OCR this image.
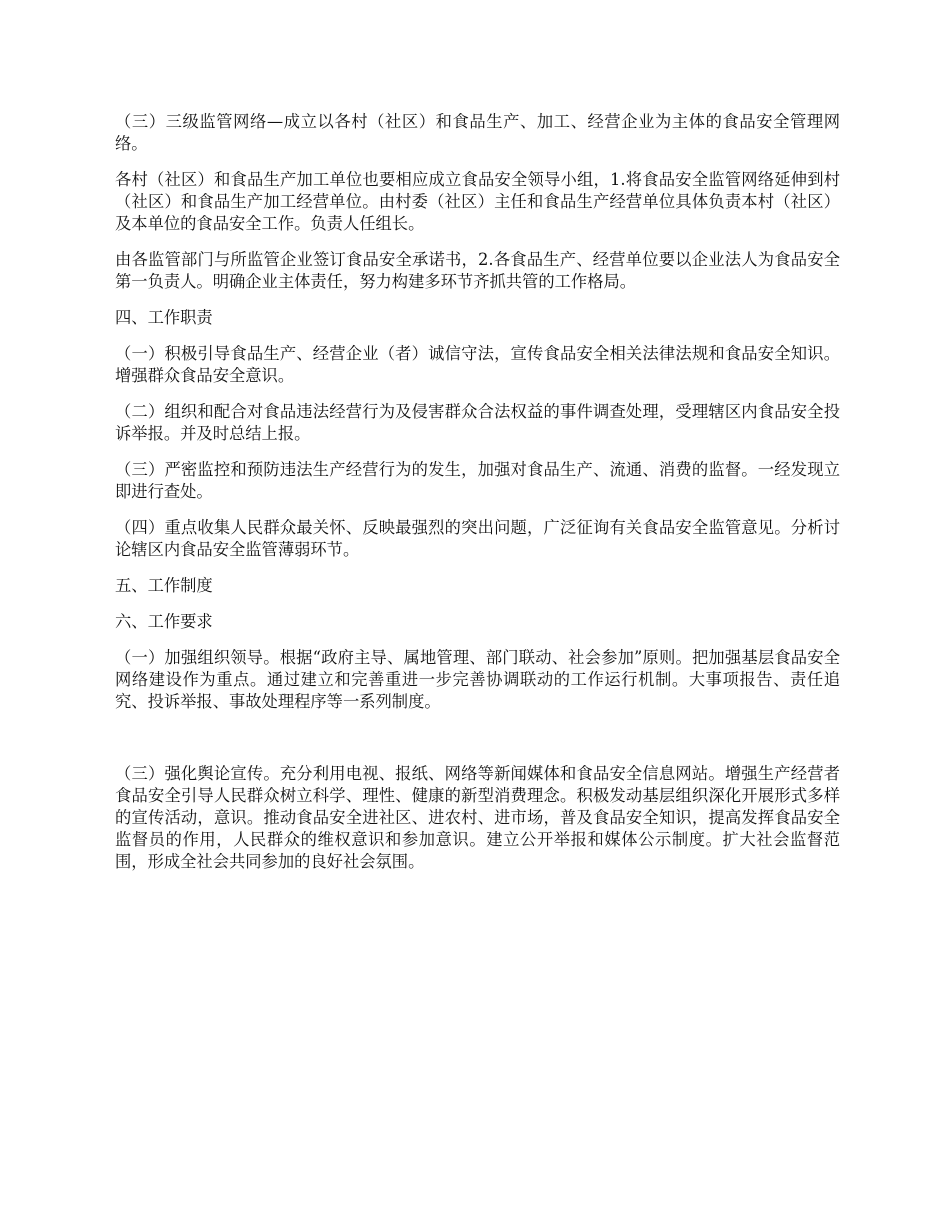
（三）三级监管网络—成立以各村（社区）和食品生产、加工、经营企业为主体的食品安全管理网络。

各村（社区）和食品生产加工单位也要相应成立食品安全领导小组，1.将食品安全监管网络延伸到村（社区）和食品生产加工经营单位。由村委（社区）主任和食品生产经营单位具体负责本村（社区）及本单位的食品安全工作。负责人任组长。

由各监管部门与所监管企业签订食品安全承诺书，2.各食品生产、经营单位要以企业法人为食品安全第一负责人。明确企业主体责任，努力构建多环节齐抓共管的工作格局。

四、工作职责

（一）积极引导食品生产、经营企业（者）诚信守法，宣传食品安全相关法律法规和食品安全知识。增强群众食品安全意识。

（二）组织和配合对食品违法经营行为及侵害群众合法权益的事件调查处理，受理辖区内食品安全投诉举报。并及时总结上报。

（三）严密监控和预防违法生产经营行为的发生，加强对食品生产、流通、消费的监督。一经发现立即进行查处。

（四）重点收集人民群众最关怀、反映最强烈的突出问题，广泛征询有关食品安全监管意见。分析讨论辖区内食品安全监管薄弱环节。

五、工作制度

六、工作要求

（一）加强组织领导。根据“政府主导、属地管理、部门联动、社会参加”原则。把加强基层食品安全网络建设作为重点。通过建立和完善重进一步完善协调联动的工作运行机制。大事项报告、责任追究、投诉举报、事故处理程序等一系列制度。

（三）强化舆论宣传。充分利用电视、报纸、网络等新闻媒体和食品安全信息网站。增强生产经营者食品安全引导人民群众树立科学、理性、健康的新型消费理念。积极发动基层组织深化开展形式多样的宣传活动，意识。推动食品安全进社区、进农村、进市场，普及食品安全知识，提高发挥食品安全监督员的作用，人民群众的维权意识和参加意识。建立公开举报和媒体公示制度。扩大社会监督范围，形成全社会共同参加的良好社会氛围。
